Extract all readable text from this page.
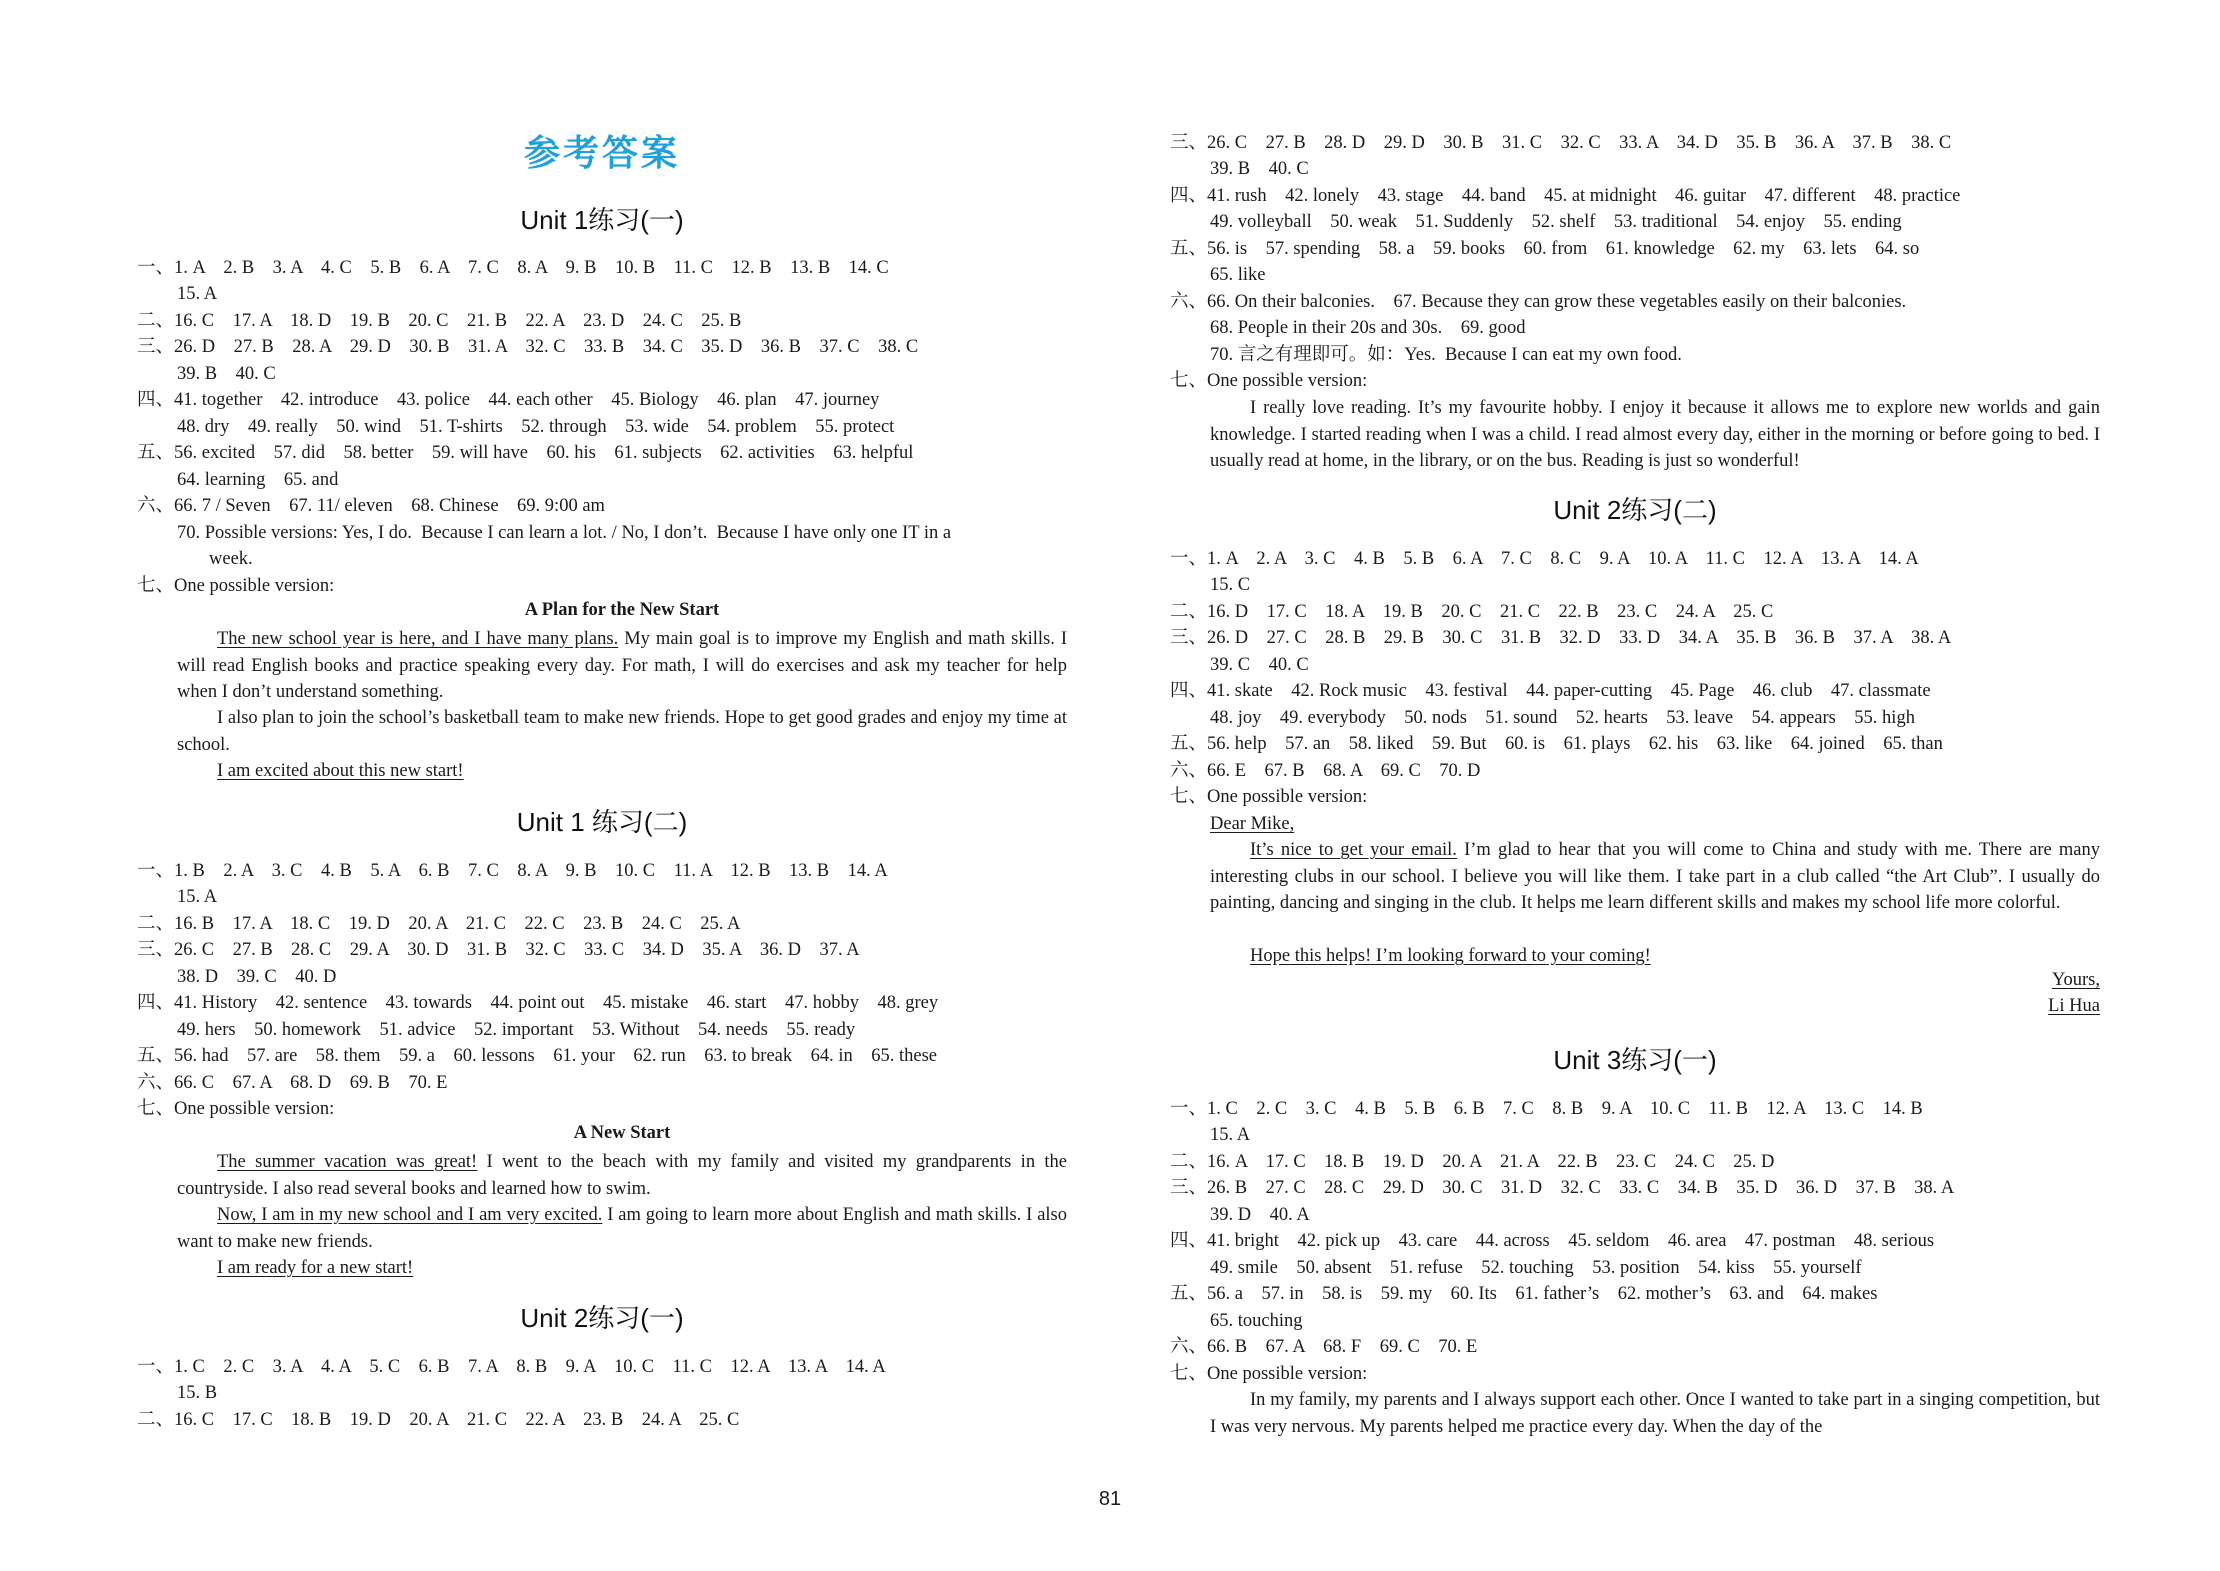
参考答案
Unit 1练习(一)
一、1. A    2. B    3. A    4. C    5. B    6. A    7. C    8. A    9. B    10. B    11. C    12. B    13. B    14. C
15. A
二、16. C    17. A    18. D    19. B    20. C    21. B    22. A    23. D    24. C    25. B
三、26. D    27. B    28. A    29. D    30. B    31. A    32. C    33. B    34. C    35. D    36. B    37. C    38. C
39. B    40. C
四、41. together    42. introduce    43. police    44. each other    45. Biology    46. plan    47. journey
48. dry    49. really    50. wind    51. T-shirts    52. through    53. wide    54. problem    55. protect
五、56. excited    57. did    58. better    59. will have    60. his    61. subjects    62. activities    63. helpful
64. learning    65. and
六、66. 7 / Seven    67. 11/ eleven    68. Chinese    69. 9:00 am
70. Possible versions: Yes, I do.  Because I can learn a lot. / No, I don’t.  Because I have only one IT in a
week.
七、One possible version:
A Plan for the New Start
The new school year is here, and I have many plans. My main goal is to improve my English and math skills. I will read English books and practice speaking every day. For math, I will do exercises and ask my teacher for help when I don’t understand something.
I also plan to join the school’s basketball team to make new friends. Hope to get good grades and enjoy my time at school.
I am excited about this new start!
Unit 1 练习(二)
一、1. B    2. A    3. C    4. B    5. A    6. B    7. C    8. A    9. B    10. C    11. A    12. B    13. B    14. A
15. A
二、16. B    17. A    18. C    19. D    20. A    21. C    22. C    23. B    24. C    25. A
三、26. C    27. B    28. C    29. A    30. D    31. B    32. C    33. C    34. D    35. A    36. D    37. A
38. D    39. C    40. D
四、41. History    42. sentence    43. towards    44. point out    45. mistake    46. start    47. hobby    48. grey
49. hers    50. homework    51. advice    52. important    53. Without    54. needs    55. ready
五、56. had    57. are    58. them    59. a    60. lessons    61. your    62. run    63. to break    64. in    65. these
六、66. C    67. A    68. D    69. B    70. E
七、One possible version:
A New Start
The summer vacation was great! I went to the beach with my family and visited my grandparents in the countryside. I also read several books and learned how to swim.
Now, I am in my new school and I am very excited. I am going to learn more about English and math skills. I also want to make new friends.
I am ready for a new start!
Unit 2练习(一)
一、1. C    2. C    3. A    4. A    5. C    6. B    7. A    8. B    9. A    10. C    11. C    12. A    13. A    14. A
15. B
二、16. C    17. C    18. B    19. D    20. A    21. C    22. A    23. B    24. A    25. C
三、26. C    27. B    28. D    29. D    30. B    31. C    32. C    33. A    34. D    35. B    36. A    37. B    38. C
39. B    40. C
四、41. rush    42. lonely    43. stage    44. band    45. at midnight    46. guitar    47. different    48. practice
49. volleyball    50. weak    51. Suddenly    52. shelf    53. traditional    54. enjoy    55. ending
五、56. is    57. spending    58. a    59. books    60. from    61. knowledge    62. my    63. lets    64. so
65. like
六、66. On their balconies.    67. Because they can grow these vegetables easily on their balconies.
68. People in their 20s and 30s.    69. good
70. 言之有理即可。如：Yes.  Because I can eat my own food.
七、One possible version:
I really love reading. It’s my favourite hobby. I enjoy it because it allows me to explore new worlds and gain knowledge. I started reading when I was a child. I read almost every day, either in the morning or before going to bed. I usually read at home, in the library, or on the bus. Reading is just so wonderful!
Unit 2练习(二)
一、1. A    2. A    3. C    4. B    5. B    6. A    7. C    8. C    9. A    10. A    11. C    12. A    13. A    14. A
15. C
二、16. D    17. C    18. A    19. B    20. C    21. C    22. B    23. C    24. A    25. C
三、26. D    27. C    28. B    29. B    30. C    31. B    32. D    33. D    34. A    35. B    36. B    37. A    38. A
39. C    40. C
四、41. skate    42. Rock music    43. festival    44. paper-cutting    45. Page    46. club    47. classmate
48. joy    49. everybody    50. nods    51. sound    52. hearts    53. leave    54. appears    55. high
五、56. help    57. an    58. liked    59. But    60. is    61. plays    62. his    63. like    64. joined    65. than
六、66. E    67. B    68. A    69. C    70. D
七、One possible version:
Dear Mike,
It’s nice to get your email. I’m glad to hear that you will come to China and study with me. There are many interesting clubs in our school. I believe you will like them. I take part in a club called “the Art Club”. I usually do painting, dancing and singing in the club. It helps me learn different skills and makes my school life more colorful.
Hope this helps! I’m looking forward to your coming!
Yours,
Li Hua
Unit 3练习(一)
一、1. C    2. C    3. C    4. B    5. B    6. B    7. C    8. B    9. A    10. C    11. B    12. A    13. C    14. B
15. A
二、16. A    17. C    18. B    19. D    20. A    21. A    22. B    23. C    24. C    25. D
三、26. B    27. C    28. C    29. D    30. C    31. D    32. C    33. C    34. B    35. D    36. D    37. B    38. A
39. D    40. A
四、41. bright    42. pick up    43. care    44. across    45. seldom    46. area    47. postman    48. serious
49. smile    50. absent    51. refuse    52. touching    53. position    54. kiss    55. yourself
五、56. a    57. in    58. is    59. my    60. Its    61. father’s    62. mother’s    63. and    64. makes
65. touching
六、66. B    67. A    68. F    69. C    70. E
七、One possible version:
In my family, my parents and I always support each other. Once I wanted to take part in a singing competition, but I was very nervous. My parents helped me practice every day. When the day of the
81
